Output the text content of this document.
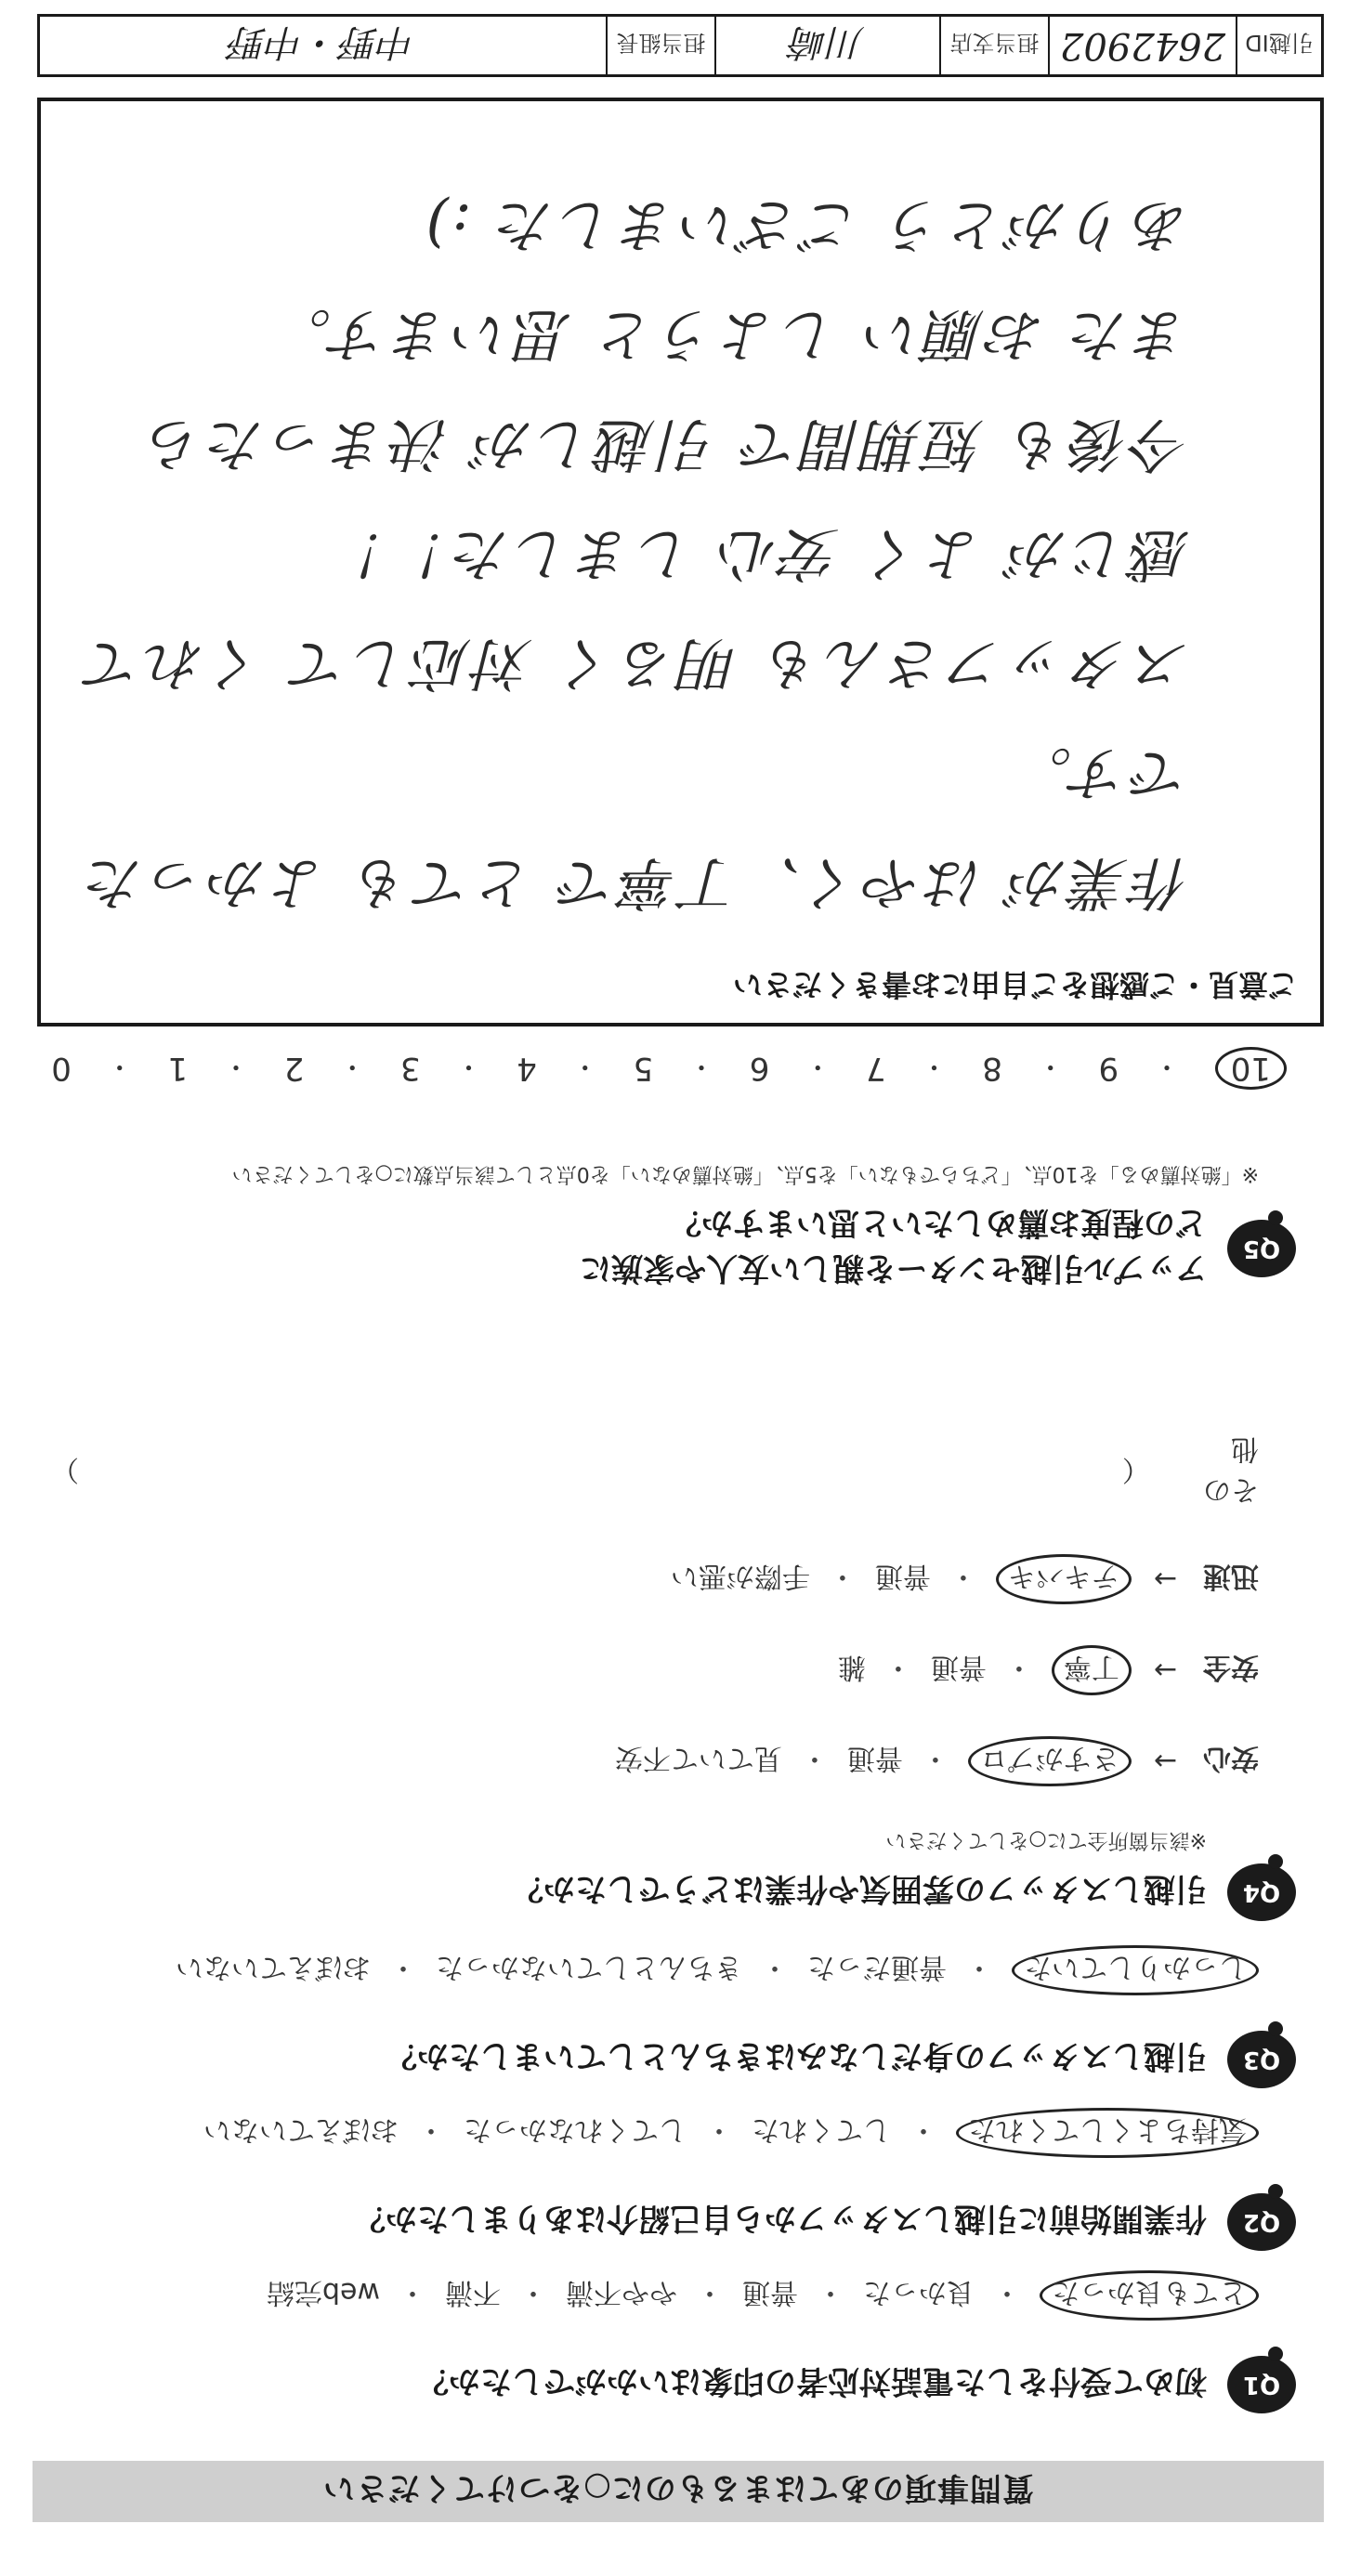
質問事項のあてはまるものに○をつけてください
Q1
初めて受付をした電話対応者の印象はいかがでしたか？
とても良かった
・
良かった
・
普通
・
やや不満
・
不満
・
web完結
Q2
作業開始前に引越しスタッフから自己紹介はありましたか？
気持ちよくしてくれた
・
してくれた
・
してくれなかった
・
おぼえていない
Q3
引越しスタッフの身だしなみはきちんとしていましたか？
しっかりしていた
・
普通だった
・
きちんとしていなかった
・
おぼえていない
Q4
引越しスタッフの雰囲気や作業はどうでしたか？
※該当箇所全てに○をしてください
安心
→
さすがプロ
・
普通
・
見ていて不安
安全
→
丁寧
・
普通
・
雑
迅速
→
テキパキ
・
普通
・
手際が悪い
その他
（
）
Q5
アップル引越センターを親しい友人や家族に
どの程度お薦めしたいと思いますか？
※「絶対薦める」を10点、「どちらでもない」を5点、「絶対薦めない」を0点として該当点数に○をしてください
10
・
9
・
8
・
7
・
6
・
5
・
4
・
3
・
2
・
1
・
0
ご意見・ご感想をご自由にお書きください
作業が はやく、丁寧で とても よかった です。
スタッフさんも 明るく 対応して くれて
感じが よく 安心 しました！！
今後も 短期間で 引越しが 決まったら
また お願い しようと 思います。
ありがとう ございました :)
引越ID
2642902
担当支店
川崎
担当組長
中野・中野
